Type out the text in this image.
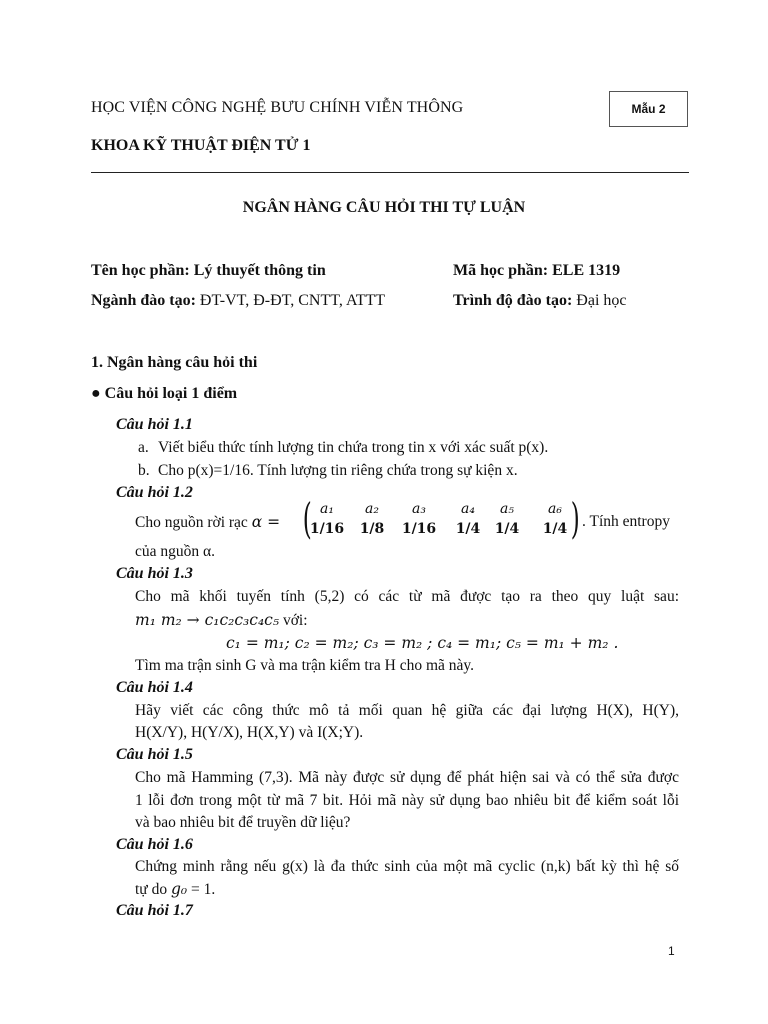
HỌC VIỆN CÔNG NGHỆ BƯU CHÍNH VIỄN THÔNG
KHOA KỸ THUẬT ĐIỆN TỬ 1
Mẫu 2
NGÂN HÀNG CÂU HỎI THI TỰ LUẬN
Tên học phần: Lý thuyết thông tin	Mã học phần: ELE 1319
Ngành đào tạo: ĐT-VT, Đ-ĐT, CNTT, ATTT	Trình độ đào tạo: Đại học
1. Ngân hàng câu hỏi thi
● Câu hỏi loại 1 điểm
Câu hỏi 1.1
a. Viết biểu thức tính lượng tin chứa trong tin x với xác suất p(x).
b. Cho p(x)=1/16. Tính lượng tin riêng chứa trong sự kiện x.
Câu hỏi 1.2
Cho nguồn rời rạc α = ( a₁	a₂	a₃	a₄	a₅	a₆
1/16	1/8	1/16	1/4	1/4	1/4 ) . Tính entropy
của nguồn α.
Câu hỏi 1.3
Cho mã khối tuyến tính (5,2) có các từ mã được tạo ra theo quy luật sau:
m₁ m₂ → c₁c₂c₃c₄c₅ với:
c₁ = m₁; c₂ = m₂; c₃ = m₂ ; c₄ = m₁; c₅ = m₁ + m₂ .
Tìm ma trận sinh G và ma trận kiểm tra H cho mã này.
Câu hỏi 1.4
Hãy viết các công thức mô tả mối quan hệ giữa các đại lượng H(X), H(Y),
H(X/Y), H(Y/X), H(X,Y) và I(X;Y).
Câu hỏi 1.5
Cho mã Hamming (7,3). Mã này được sử dụng để phát hiện sai và có thể sửa được
1 lỗi đơn trong một từ mã 7 bit. Hỏi mã này sử dụng bao nhiêu bit để kiểm soát lỗi
và bao nhiêu bit để truyền dữ liệu?
Câu hỏi 1.6
Chứng minh rằng nếu g(x) là đa thức sinh của một mã cyclic (n,k) bất kỳ thì hệ số
tự do g₀ = 1.
Câu hỏi 1.7
1
